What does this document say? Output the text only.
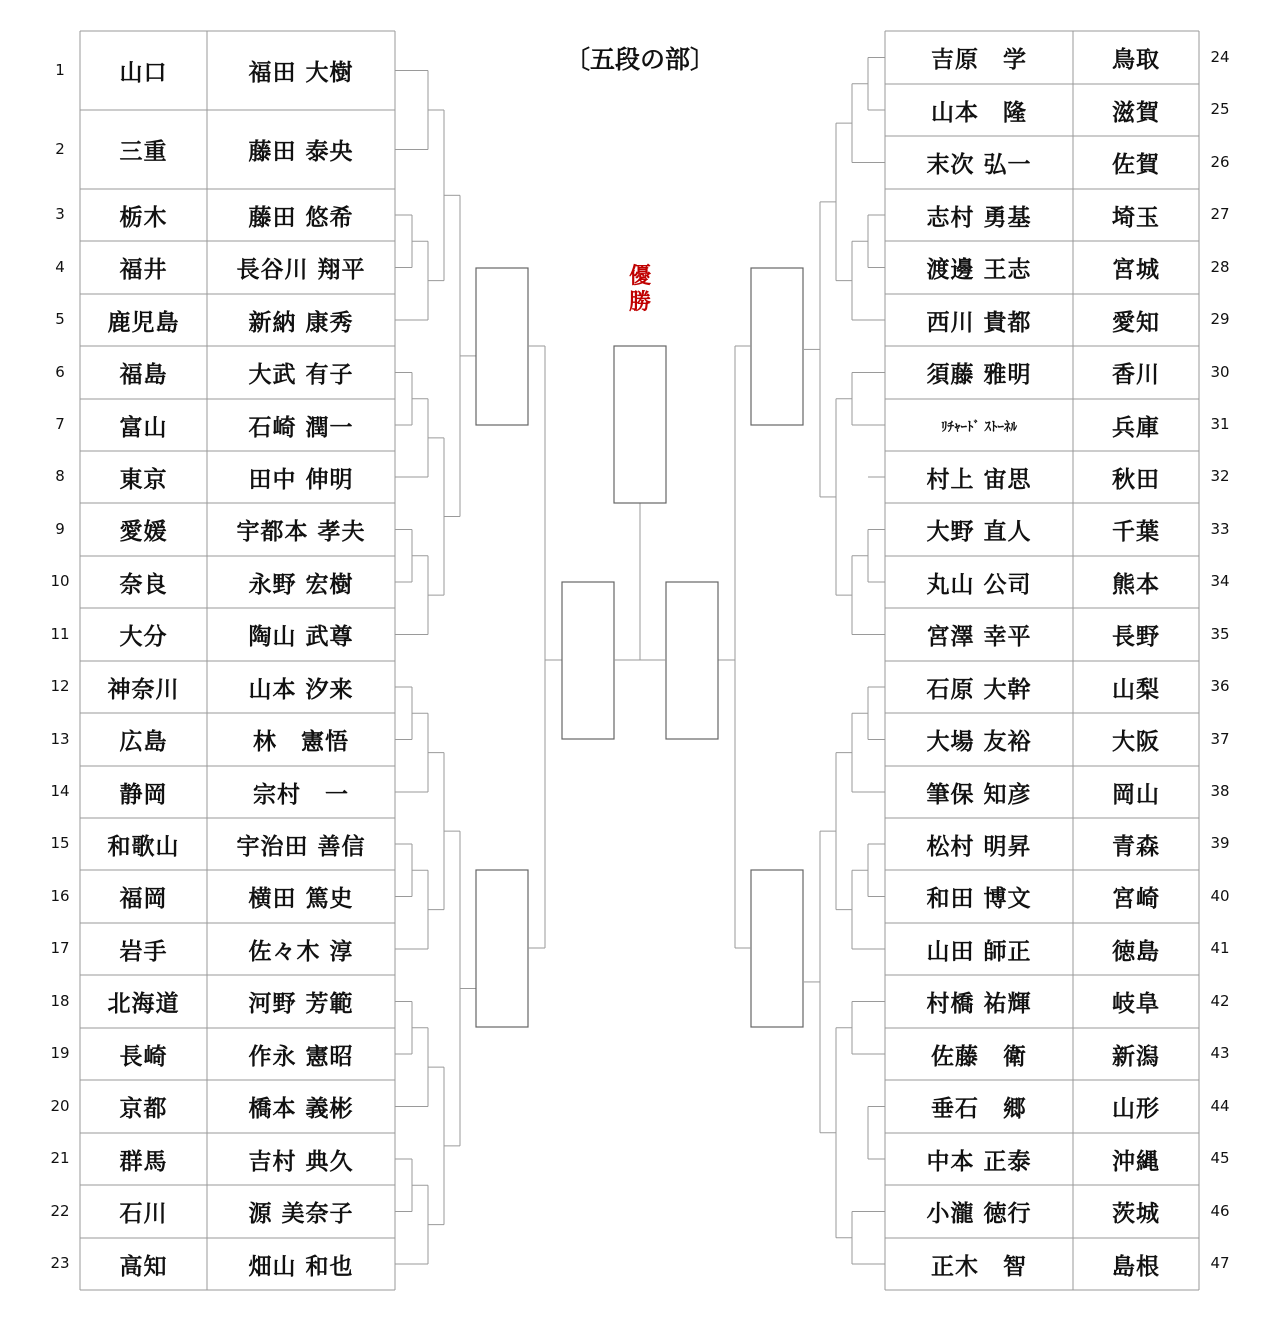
〔五段の部〕
優
勝
1	山口	福田 大樹
2	三重	藤田 泰央
3	栃木	藤田 悠希
4	福井	長谷川 翔平
5	鹿児島	新納 康秀
6	福島	大武 有子
7	富山	石崎 潤一
8	東京	田中 伸明
9	愛媛	宇都本 孝夫
10	奈良	永野 宏樹
11	大分	陶山 武尊
12	神奈川	山本 汐来
13	広島	林　憲悟
14	静岡	宗村　一
15	和歌山	宇治田 善信
16	福岡	横田 篤史
17	岩手	佐々木 淳
18	北海道	河野 芳範
19	長崎	作永 憲昭
20	京都	橋本 義彬
21	群馬	吉村 典久
22	石川	源 美奈子
23	高知	畑山 和也
吉原　学	鳥取	24
山本　隆	滋賀	25
末次 弘一	佐賀	26
志村 勇基	埼玉	27
渡邊 王志	宮城	28
西川 貴都	愛知	29
須藤 雅明	香川	30
ﾘﾁｬｰﾄﾞ ｽﾄｰﾈﾙ	兵庫	31
村上 宙思	秋田	32
大野 直人	千葉	33
丸山 公司	熊本	34
宮澤 幸平	長野	35
石原 大幹	山梨	36
大場 友裕	大阪	37
筆保 知彦	岡山	38
松村 明昇	青森	39
和田 博文	宮崎	40
山田 師正	徳島	41
村橋 祐輝	岐阜	42
佐藤　衛	新潟	43
垂石　郷	山形	44
中本 正泰	沖縄	45
小瀧 徳行	茨城	46
正木　智	島根	47
